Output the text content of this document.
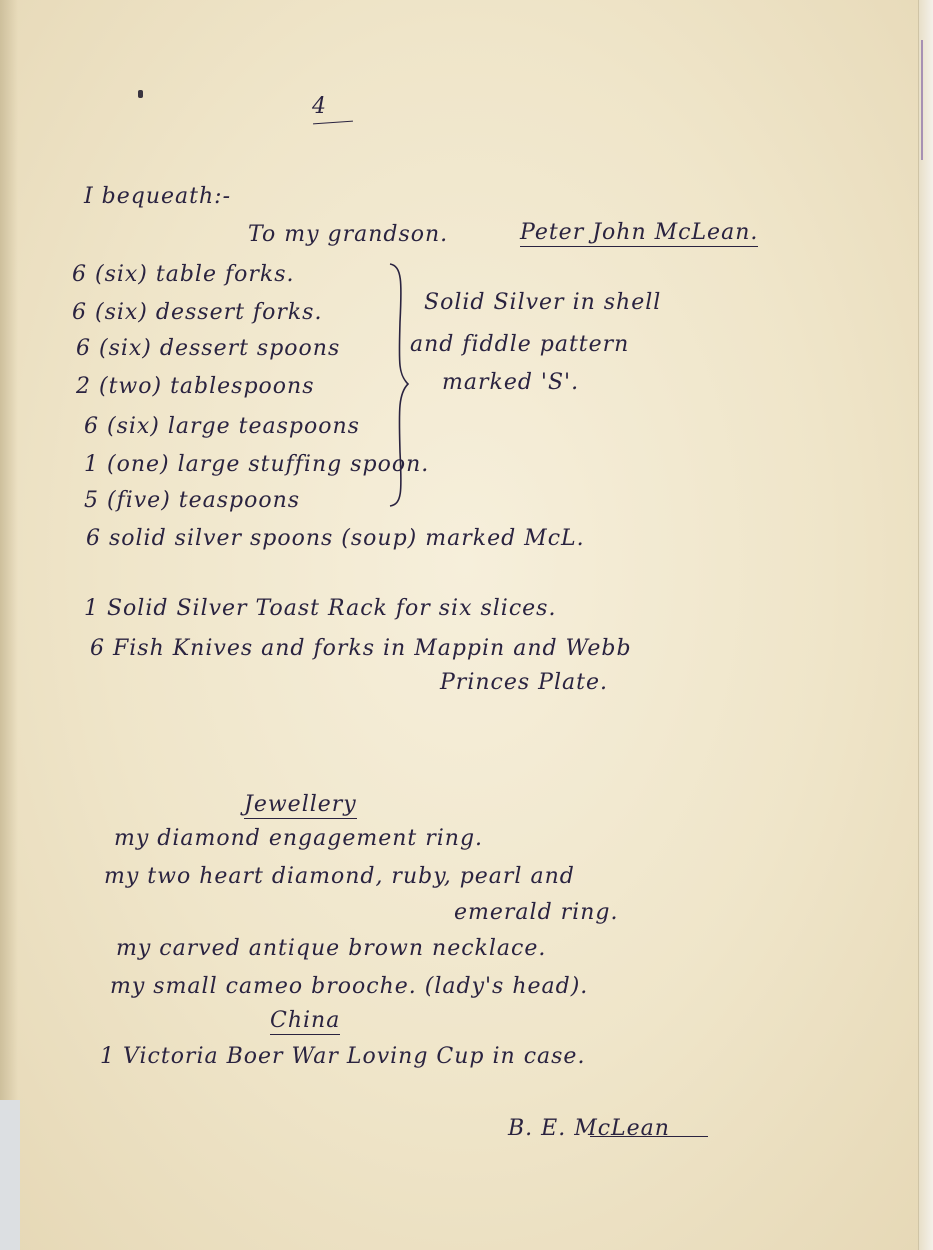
4
I bequeath:-
To my grandson.	Peter John McLean.
6 (six) table forks.
6 (six) dessert forks.
6 (six) dessert spoons
2 (two) tablespoons
6 (six) large teaspoons
1 (one) large stuffing spoon.
5 (five) teaspoons
Solid Silver in shell
and fiddle pattern
marked 'S'.
6 solid silver spoons (soup) marked McL.
1 Solid Silver Toast Rack for six slices.
6 Fish Knives and forks in Mappin and Webb
Princes Plate.
Jewellery
my diamond engagement ring.
my two heart diamond, ruby, pearl and
emerald ring.
my carved antique brown necklace.
my small cameo brooche. (lady's head).
China
1 Victoria Boer War Loving Cup in case.
B. E. McLean
